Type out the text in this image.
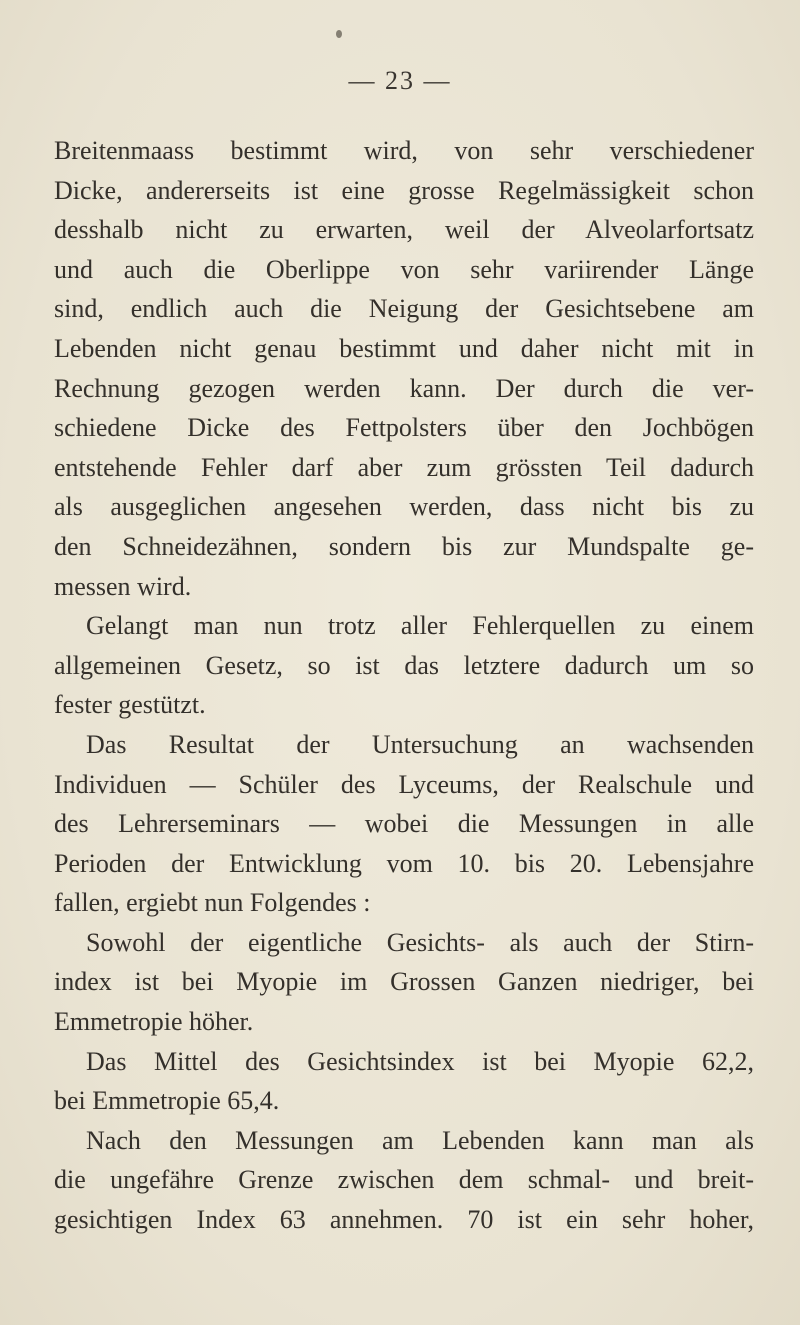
— 23 —
Breitenmaass bestimmt wird, von sehr verschiedener
Dicke, andererseits ist eine grosse Regelmässigkeit schon
desshalb nicht zu erwarten, weil der Alveolarfortsatz
und auch die Oberlippe von sehr variirender Länge
sind, endlich auch die Neigung der Gesichtsebene am
Lebenden nicht genau bestimmt und daher nicht mit in
Rechnung gezogen werden kann. Der durch die ver-
schiedene Dicke des Fettpolsters über den Jochbögen
entstehende Fehler darf aber zum grössten Teil dadurch
als ausgeglichen angesehen werden, dass nicht bis zu
den Schneidezähnen, sondern bis zur Mundspalte ge-
messen wird.
Gelangt man nun trotz aller Fehlerquellen zu einem
allgemeinen Gesetz, so ist das letztere dadurch um so
fester gestützt.
Das Resultat der Untersuchung an wachsenden
Individuen — Schüler des Lyceums, der Realschule und
des Lehrerseminars — wobei die Messungen in alle
Perioden der Entwicklung vom 10. bis 20. Lebensjahre
fallen, ergiebt nun Folgendes :
Sowohl der eigentliche Gesichts- als auch der Stirn-
index ist bei Myopie im Grossen Ganzen niedriger, bei
Emmetropie höher.
Das Mittel des Gesichtsindex ist bei Myopie 62,2,
bei Emmetropie 65,4.
Nach den Messungen am Lebenden kann man als
die ungefähre Grenze zwischen dem schmal- und breit-
gesichtigen Index 63 annehmen. 70 ist ein sehr hoher,
